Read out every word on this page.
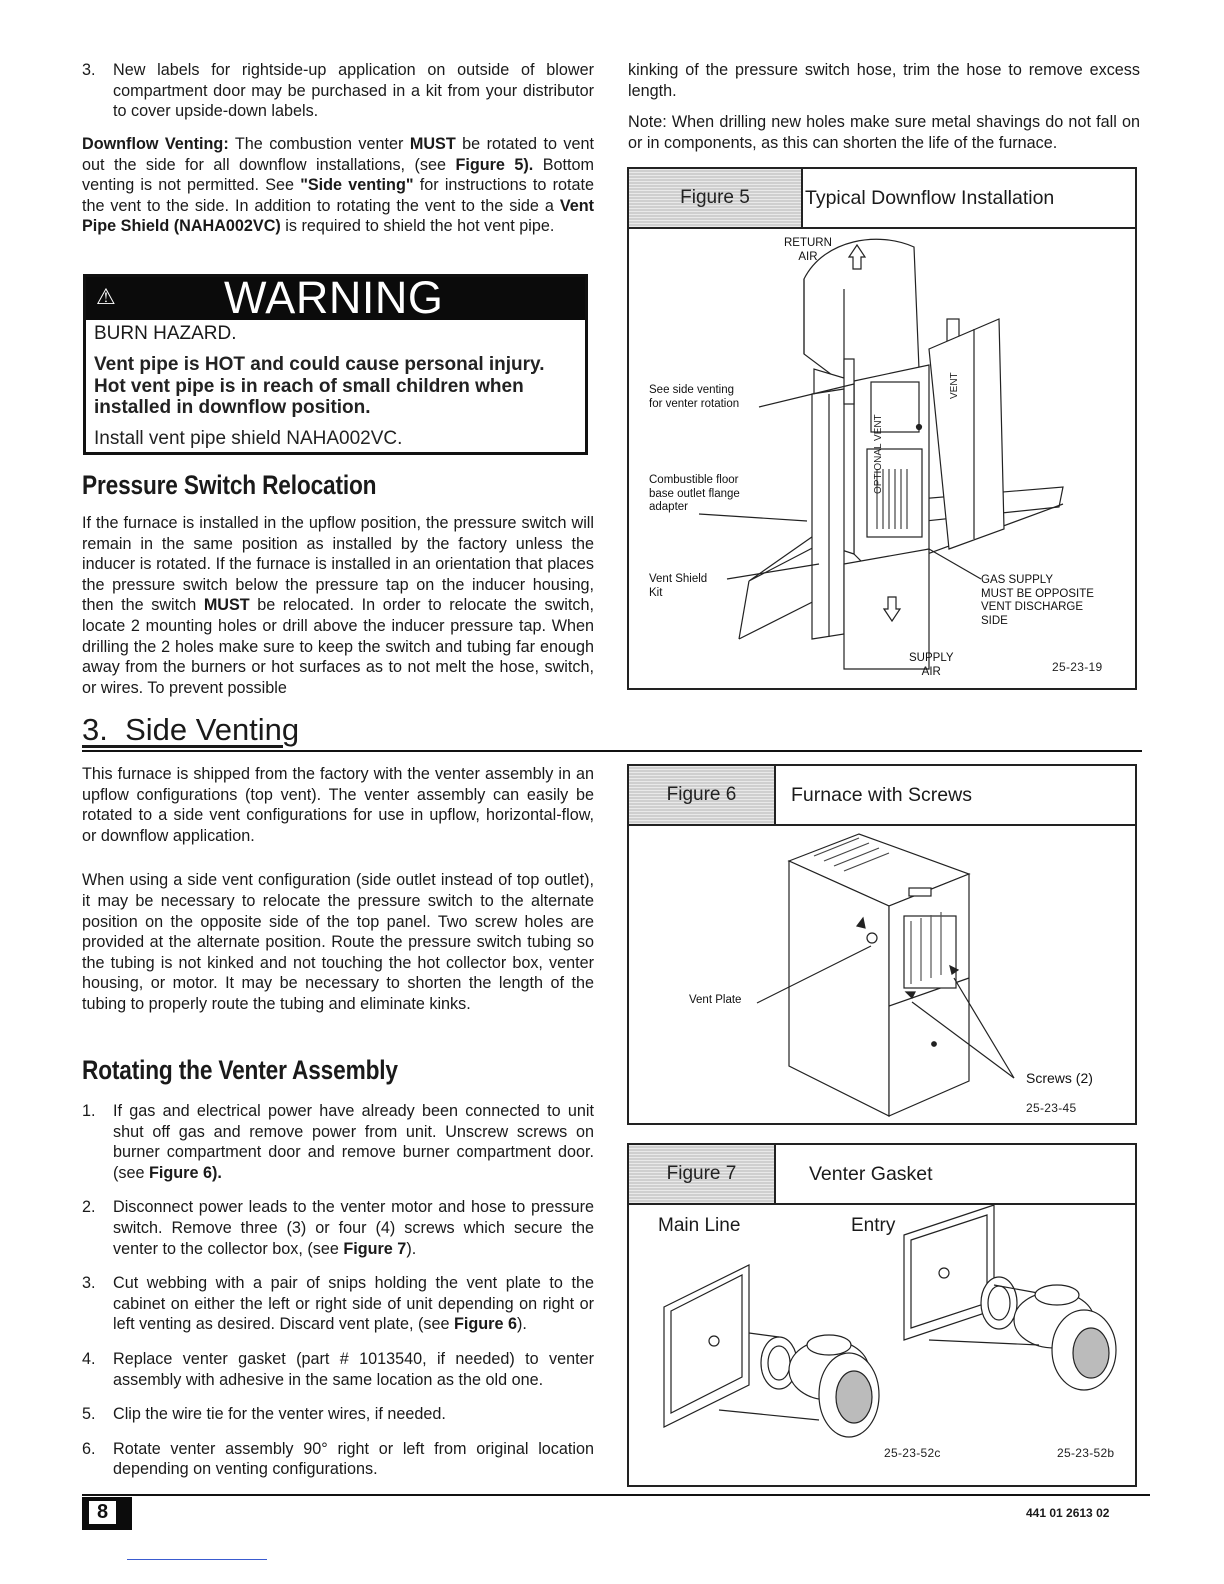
3. New labels for rightside-up application on outside of blower compartment door may be purchased in a kit from your distributor to cover upside-down labels.
Downflow Venting: The combustion venter MUST be rotated to vent out the side for all downflow installations, (see Figure 5). Bottom venting is not permitted. See "Side venting" for instructions to rotate the vent to the side. In addition to rotating the vent to the side a Vent Pipe Shield (NAHA002VC) is required to shield the hot vent pipe.
⚠ WARNING
BURN HAZARD.
Vent pipe is HOT and could cause personal injury. Hot vent pipe is in reach of small children when installed in downflow position.
Install vent pipe shield NAHA002VC.
Pressure Switch Relocation
If the furnace is installed in the upflow position, the pressure switch will remain in the same position as installed by the factory unless the inducer is rotated. If the furnace is installed in an orientation that places the pressure switch below the pressure tap on the inducer housing, then the switch MUST be relocated. In order to relocate the switch, locate 2 mounting holes or drill above the inducer pressure tap. When drilling the 2 holes make sure to keep the switch and tubing far enough away from the burners or hot surfaces as to not melt the hose, switch, or wires. To prevent possible

kinking of the pressure switch hose, trim the hose to remove excess length.

Note: When drilling new holes make sure metal shavings do not fall on or in components, as this can shorten the life of the furnace.

Figure 5	Typical Downflow Installation
OPTIONAL VENT
VENT
RETURN
AIR
See side venting
for venter rotation
Combustible floor
base outlet flange
adapter
Vent Shield
Kit
GAS SUPPLY
MUST BE OPPOSITE
VENT DISCHARGE
SIDE
SUPPLY
AIR	25-23-19
3.  Side Venting

This furnace is shipped from the factory with the venter assembly in an upflow configurations (top vent). The venter assembly can easily be rotated to a side vent configurations for use in upflow, horizontal-flow, or downflow application.

When using a side vent configuration (side outlet instead of top outlet), it may be necessary to relocate the pressure switch to the alternate position on the opposite side of the top panel. Two screw holes are provided at the alternate position. Route the pressure switch tubing so the tubing is not kinked and not touching the hot collector box, venter housing, or motor. It may be necessary to shorten the length of the tubing to properly route the tubing and eliminate kinks.

Rotating the Venter Assembly
1. If gas and electrical power have already been connected to unit shut off gas and remove power from unit. Unscrew screws on burner compartment door and remove burner compartment door. (see Figure 6).
2. Disconnect power leads to the venter motor and hose to pressure switch. Remove three (3) or four (4) screws which secure the venter to the collector box, (see Figure 7).
3. Cut webbing with a pair of snips holding the vent plate to the cabinet on either the left or right side of unit depending on right or left venting as desired. Discard vent plate, (see Figure 6).
4. Replace venter gasket (part # 1013540, if needed) to venter assembly with adhesive in the same location as the old one.
5. Clip the wire tie for the venter wires, if needed.
6. Rotate venter assembly 90° right or left from original location depending on venting configurations.
Figure 6	Furnace with Screws
Vent Plate
Screws (2)
25-23-45
Figure 7	Venter Gasket
Main Line	Entry
25-23-52c	25-23-52b
8	441 01 2613 02
